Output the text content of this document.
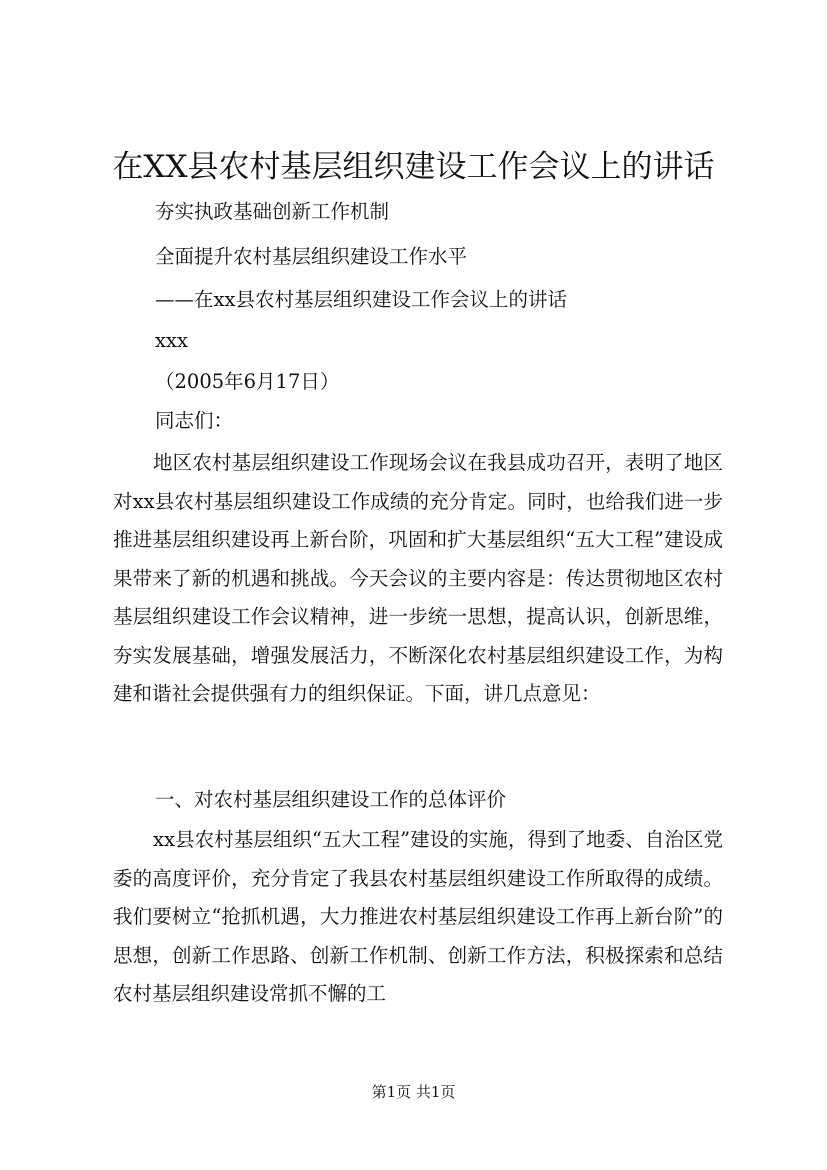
在XX县农村基层组织建设工作会议上的讲话
夯实执政基础创新工作机制
全面提升农村基层组织建设工作水平
——在xx县农村基层组织建设工作会议上的讲话
xxx
（2005年6月17日）
同志们：

地区农村基层组织建设工作现场会议在我县成功召开，表明了地区对xx县农村基层组织建设工作成绩的充分肯定。同时，也给我们进一步推进基层组织建设再上新台阶，巩固和扩大基层组织“五大工程”建设成果带来了新的机遇和挑战。今天会议的主要内容是：传达贯彻地区农村基层组织建设工作会议精神，进一步统一思想，提高认识，创新思维，夯实发展基础，增强发展活力，不断深化农村基层组织建设工作，为构建和谐社会提供强有力的组织保证。下面，讲几点意见：

一、对农村基层组织建设工作的总体评价

xx县农村基层组织“五大工程”建设的实施，得到了地委、自治区党委的高度评价，充分肯定了我县农村基层组织建设工作所取得的成绩。我们要树立“抢抓机遇，大力推进农村基层组织建设工作再上新台阶”的思想，创新工作思路、创新工作机制、创新工作方法，积极探索和总结农村基层组织建设常抓不懈的工

第1页 共1页
